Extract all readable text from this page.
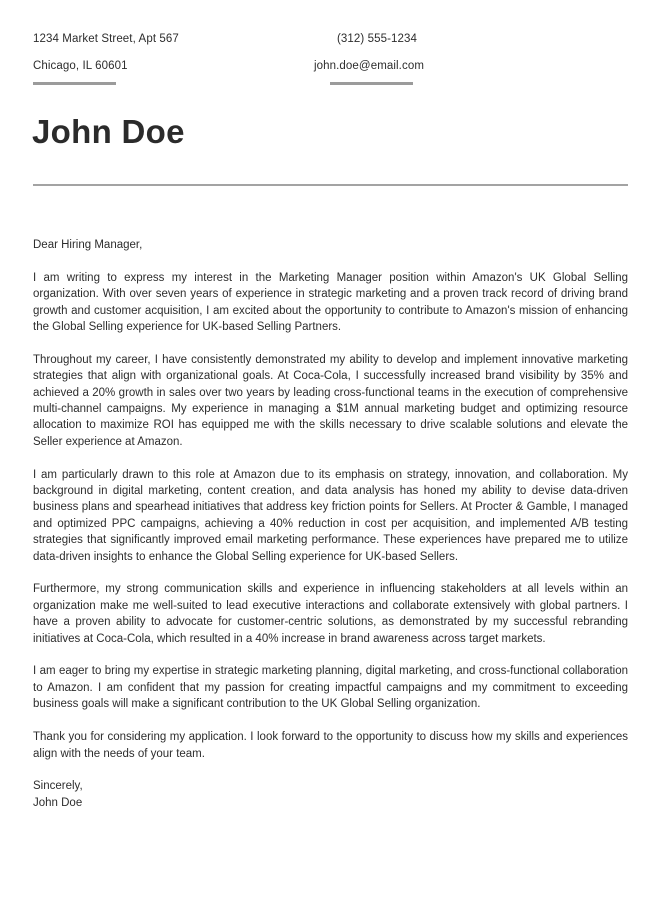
1234 Market Street, Apt 567
Chicago, IL 60601
(312) 555-1234
john.doe@email.com
John Doe

Dear Hiring Manager,

I am writing to express my interest in the Marketing Manager position within Amazon's UK Global Selling organization. With over seven years of experience in strategic marketing and a proven track record of driving brand growth and customer acquisition, I am excited about the opportunity to contribute to Amazon's mission of enhancing the Global Selling experience for UK-based Selling Partners.

Throughout my career, I have consistently demonstrated my ability to develop and implement innovative marketing strategies that align with organizational goals. At Coca-Cola, I successfully increased brand visibility by 35% and achieved a 20% growth in sales over two years by leading cross-functional teams in the execution of comprehensive multi-channel campaigns. My experience in managing a $1M annual marketing budget and optimizing resource allocation to maximize ROI has equipped me with the skills necessary to drive scalable solutions and elevate the Seller experience at Amazon.

I am particularly drawn to this role at Amazon due to its emphasis on strategy, innovation, and collaboration. My background in digital marketing, content creation, and data analysis has honed my ability to devise data-driven business plans and spearhead initiatives that address key friction points for Sellers. At Procter & Gamble, I managed and optimized PPC campaigns, achieving a 40% reduction in cost per acquisition, and implemented A/B testing strategies that significantly improved email marketing performance. These experiences have prepared me to utilize data-driven insights to enhance the Global Selling experience for UK-based Sellers.

Furthermore, my strong communication skills and experience in influencing stakeholders at all levels within an organization make me well-suited to lead executive interactions and collaborate extensively with global partners. I have a proven ability to advocate for customer-centric solutions, as demonstrated by my successful rebranding initiatives at Coca-Cola, which resulted in a 40% increase in brand awareness across target markets.

I am eager to bring my expertise in strategic marketing planning, digital marketing, and cross-functional collaboration to Amazon. I am confident that my passion for creating impactful campaigns and my commitment to exceeding business goals will make a significant contribution to the UK Global Selling organization.

Thank you for considering my application. I look forward to the opportunity to discuss how my skills and experiences align with the needs of your team.

Sincerely,

John Doe
